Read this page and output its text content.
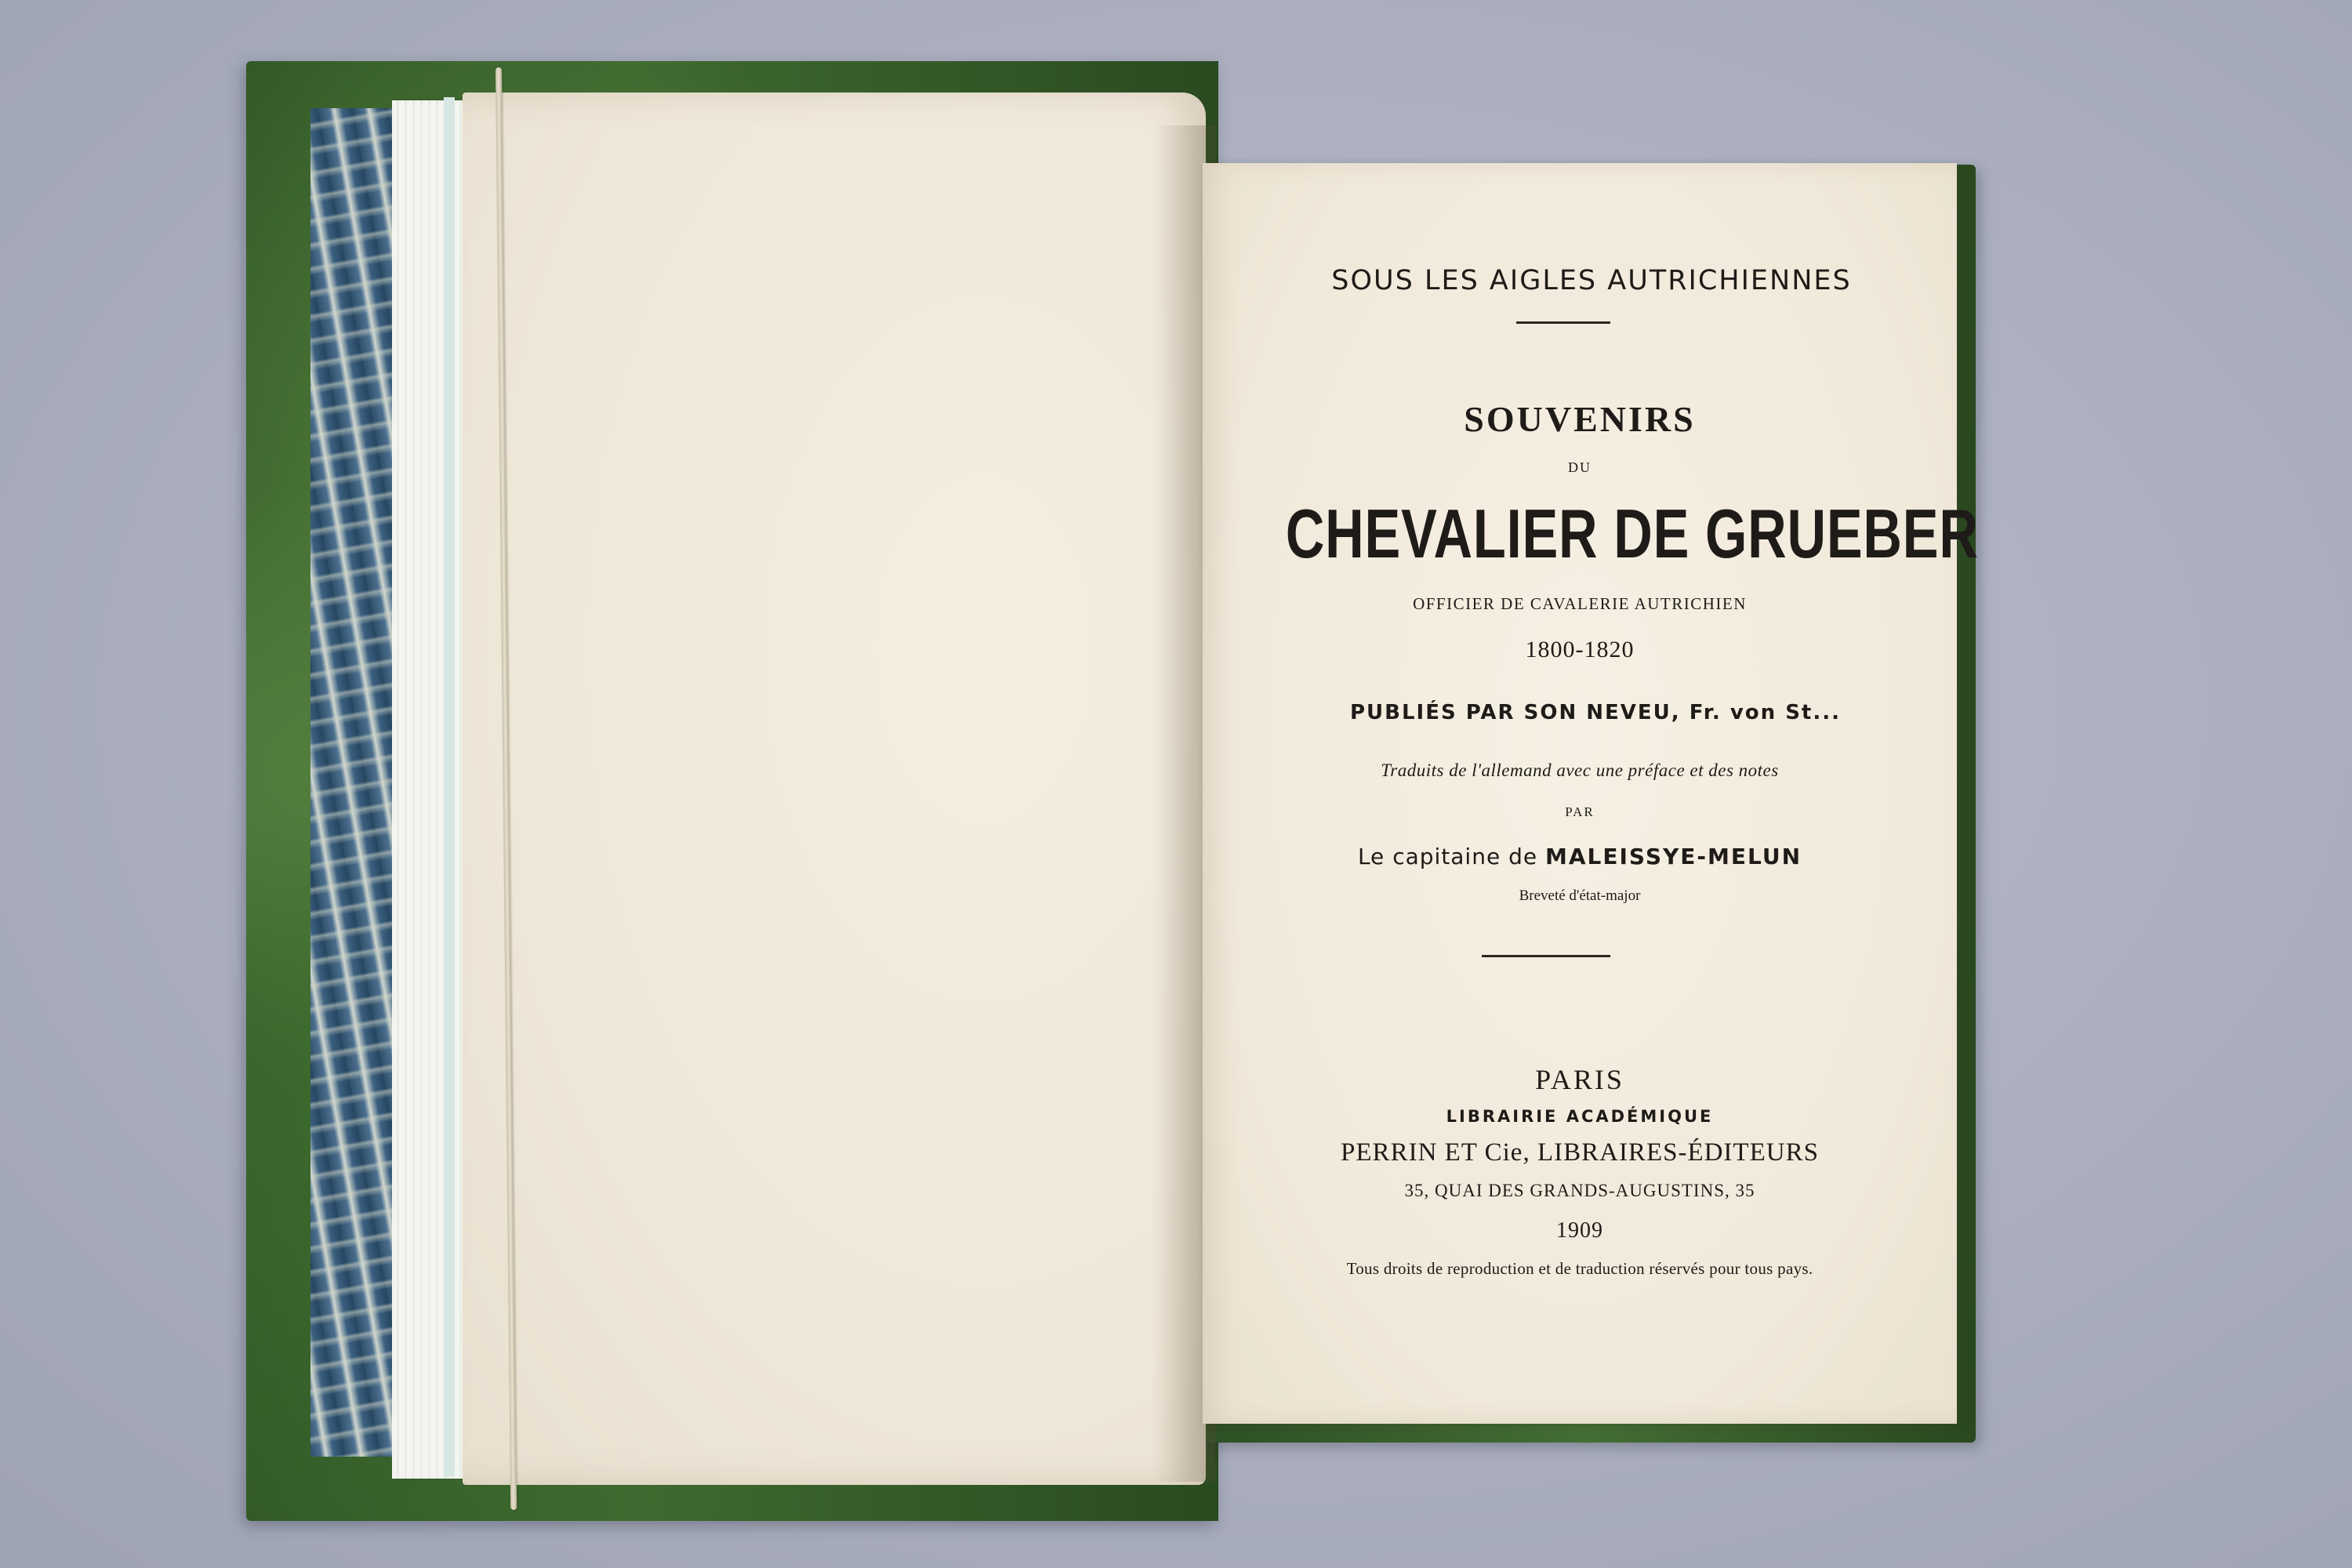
SOUS LES AIGLES AUTRICHIENNES
SOUVENIRS
DU
CHEVALIER DE GRUEBER
OFFICIER DE CAVALERIE AUTRICHIEN
1800-1820
PUBLIÉS PAR SON NEVEU, Fr. von St...
Traduits de l'allemand avec une préface et des notes
PAR
Le capitaine de MALEISSYE-MELUN
Breveté d'état-major
PARIS
LIBRAIRIE ACADÉMIQUE
PERRIN ET Cie, LIBRAIRES-ÉDITEURS
35, QUAI DES GRANDS-AUGUSTINS, 35
1909
Tous droits de reproduction et de traduction réservés pour tous pays.
